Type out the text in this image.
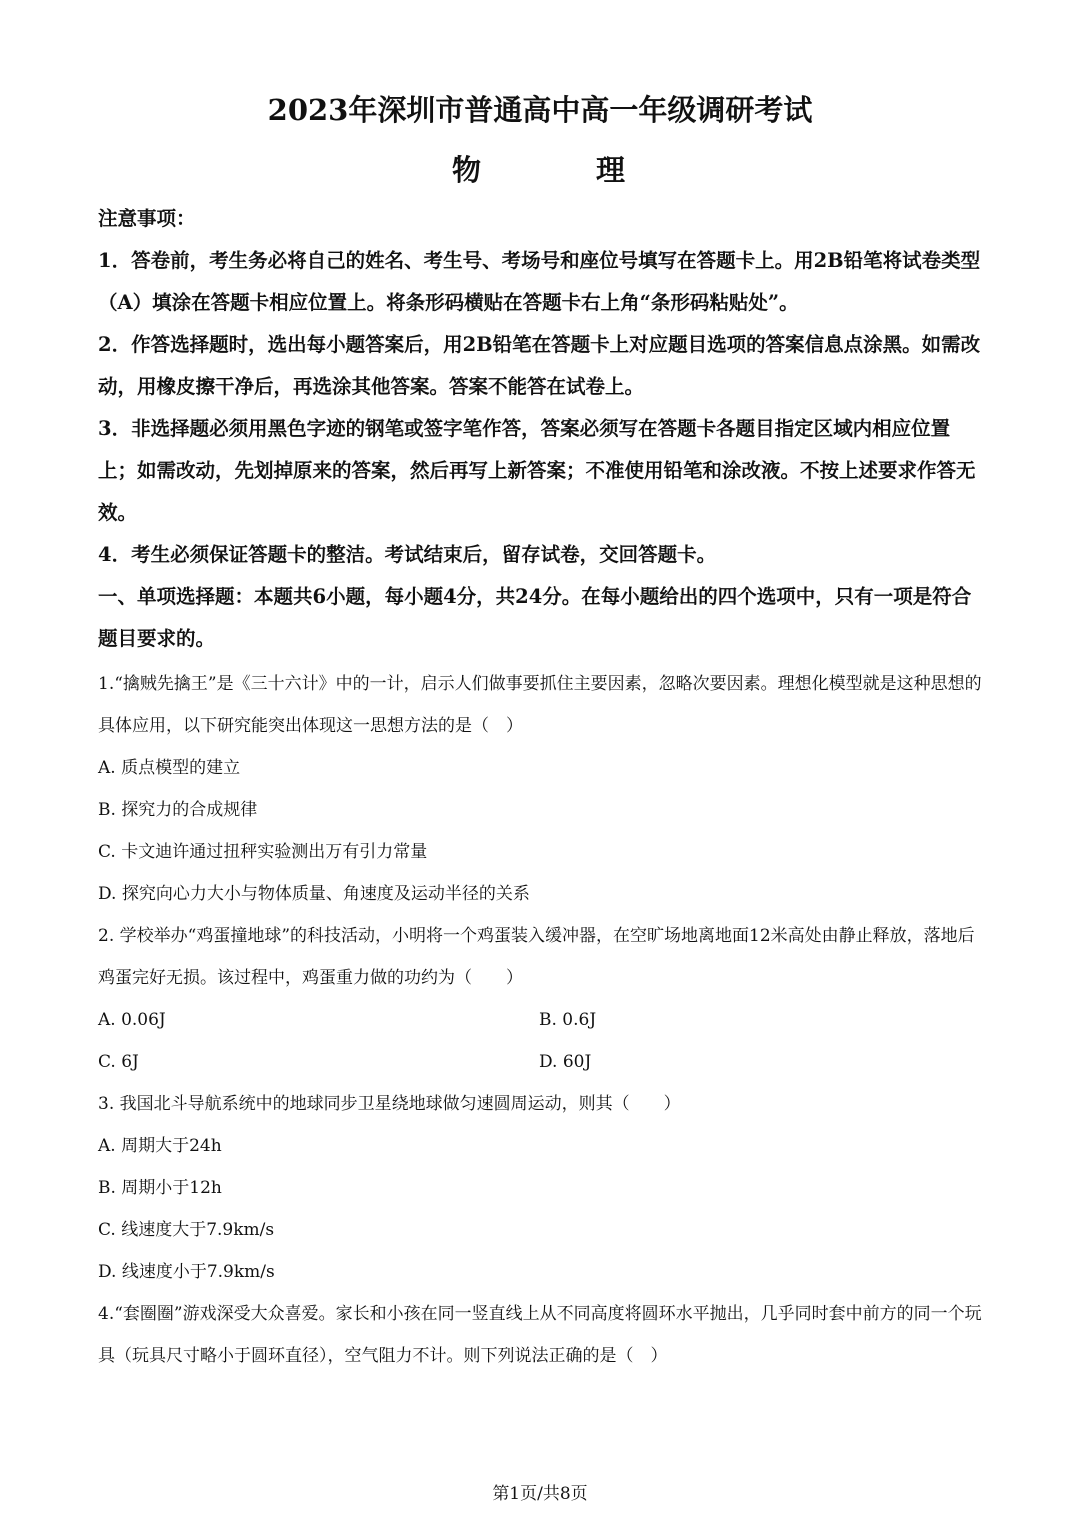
2023年深圳市普通高中高一年级调研考试
物	理

注意事项：

1．答卷前，考生务必将自己的姓名、考生号、考场号和座位号填写在答题卡上。用2B铅笔将试卷类型（A）填涂在答题卡相应位置上。将条形码横贴在答题卡右上角“条形码粘贴处”。

2．作答选择题时，选出每小题答案后，用2B铅笔在答题卡上对应题目选项的答案信息点涂黑。如需改动，用橡皮擦干净后，再选涂其他答案。答案不能答在试卷上。

3．非选择题必须用黑色字迹的钢笔或签字笔作答，答案必须写在答题卡各题目指定区域内相应位置上；如需改动，先划掉原来的答案，然后再写上新答案；不准使用铅笔和涂改液。不按上述要求作答无效。

4．考生必须保证答题卡的整洁。考试结束后，留存试卷，交回答题卡。

一、单项选择题：本题共6小题，每小题4分，共24分。在每小题给出的四个选项中，只有一项是符合题目要求的。

1.“擒贼先擒王”是《三十六计》中的一计，启示人们做事要抓住主要因素，忽略次要因素。理想化模型就是这种思想的具体应用，以下研究能突出体现这一思想方法的是（　）

A. 质点模型的建立

B. 探究力的合成规律

C. 卡文迪许通过扭秤实验测出万有引力常量

D. 探究向心力大小与物体质量、角速度及运动半径的关系

2. 学校举办“鸡蛋撞地球”的科技活动，小明将一个鸡蛋装入缓冲器，在空旷场地离地面12米高处由静止释放，落地后鸡蛋完好无损。该过程中，鸡蛋重力做的功约为（　　）

A. 0.06J	B. 0.6J
C. 6J	D. 60J

3. 我国北斗导航系统中的地球同步卫星绕地球做匀速圆周运动，则其（　　）

A. 周期大于24h

B. 周期小于12h

C. 线速度大于7.9km/s

D. 线速度小于7.9km/s

4.“套圈圈”游戏深受大众喜爱。家长和小孩在同一竖直线上从不同高度将圆环水平抛出，几乎同时套中前方的同一个玩具（玩具尺寸略小于圆环直径），空气阻力不计。则下列说法正确的是（　）

第1页/共8页
